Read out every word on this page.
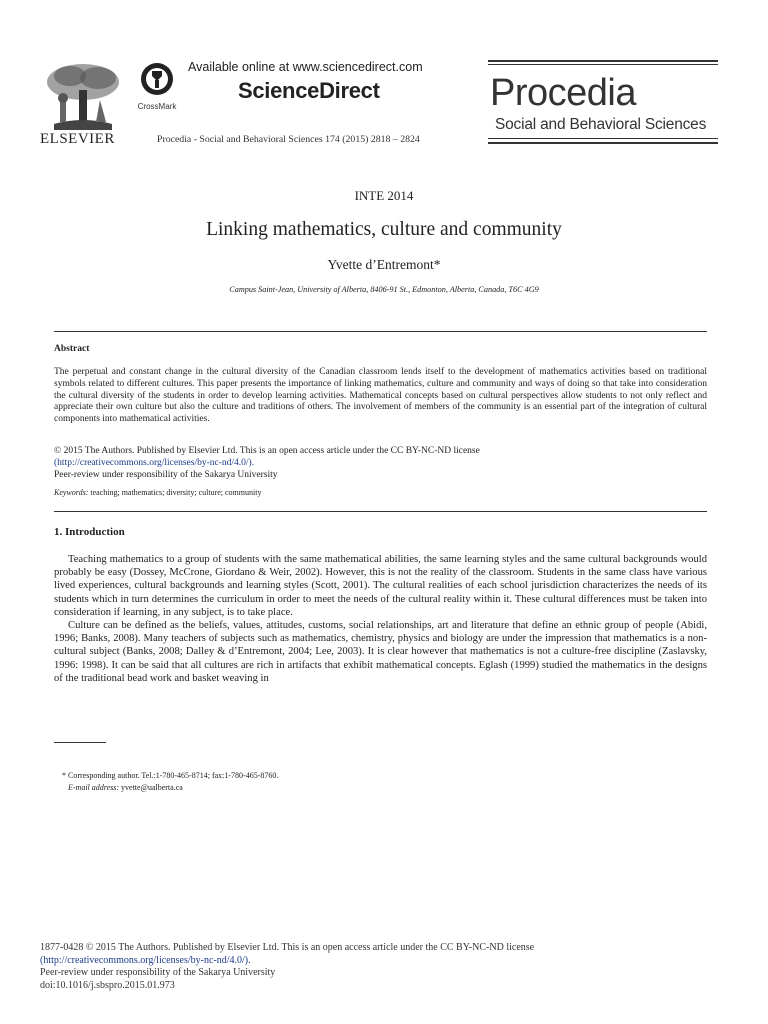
ELSEVIER
CrossMark
Available online at www.sciencedirect.com
ScienceDirect
Procedia - Social and Behavioral Sciences 174 (2015) 2818 – 2824
Procedia
Social and Behavioral Sciences
INTE 2014
Linking mathematics, culture and community
Yvette d’Entremont*
Campus Saint-Jean, University of Alberta, 8406-91 St., Edmonton, Alberta, Canada, T6C 4G9
Abstract
The perpetual and constant change in the cultural diversity of the Canadian classroom lends itself to the development of mathematics activities based on traditional symbols related to different cultures. This paper presents the importance of linking mathematics, culture and community and ways of doing so that take into consideration the cultural diversity of the students in order to develop learning activities. Mathematical concepts based on cultural perspectives allow students to not only reflect and appreciate their own culture but also the culture and traditions of others. The involvement of members of the community is an essential part of the integration of cultural components into mathematical activities.
© 2015 The Authors. Published by Elsevier Ltd. This is an open access article under the CC BY-NC-ND license
(http://creativecommons.org/licenses/by-nc-nd/4.0/).
Peer-review under responsibility of the Sakarya University
Keywords: teaching; mathematics; diversity; culture; community
1. Introduction

Teaching mathematics to a group of students with the same mathematical abilities, the same learning styles and the same cultural backgrounds would probably be easy (Dossey, McCrone, Giordano & Weir, 2002). However, this is not the reality of the classroom. Students in the same class have various lived experiences, cultural backgrounds and learning styles (Scott, 2001). The cultural realities of each school jurisdiction characterizes the needs of its students which in turn determines the curriculum in order to meet the needs of the cultural reality within it. These cultural differences must be taken into consideration if learning, in any subject, is to take place.

Culture can be defined as the beliefs, values, attitudes, customs, social relationships, art and literature that define an ethnic group of people (Abidi, 1996; Banks, 2008). Many teachers of subjects such as mathematics, chemistry, physics and biology are under the impression that mathematics is a non-cultural subject (Banks, 2008; Dalley & d’Entremont, 2004; Lee, 2003). It is clear however that mathematics is not a culture-free discipline (Zaslavsky, 1996: 1998). It can be said that all cultures are rich in artifacts that exhibit mathematical concepts. Eglash (1999) studied the mathematics in the designs of the traditional bead work and basket weaving in

* Corresponding author. Tel.:1-780-465-8714; fax:1-780-465-8760.
E-mail address: yvette@ualberta.ca
1877-0428 © 2015 The Authors. Published by Elsevier Ltd. This is an open access article under the CC BY-NC-ND license
(http://creativecommons.org/licenses/by-nc-nd/4.0/).
Peer-review under responsibility of the Sakarya University
doi:10.1016/j.sbspro.2015.01.973
